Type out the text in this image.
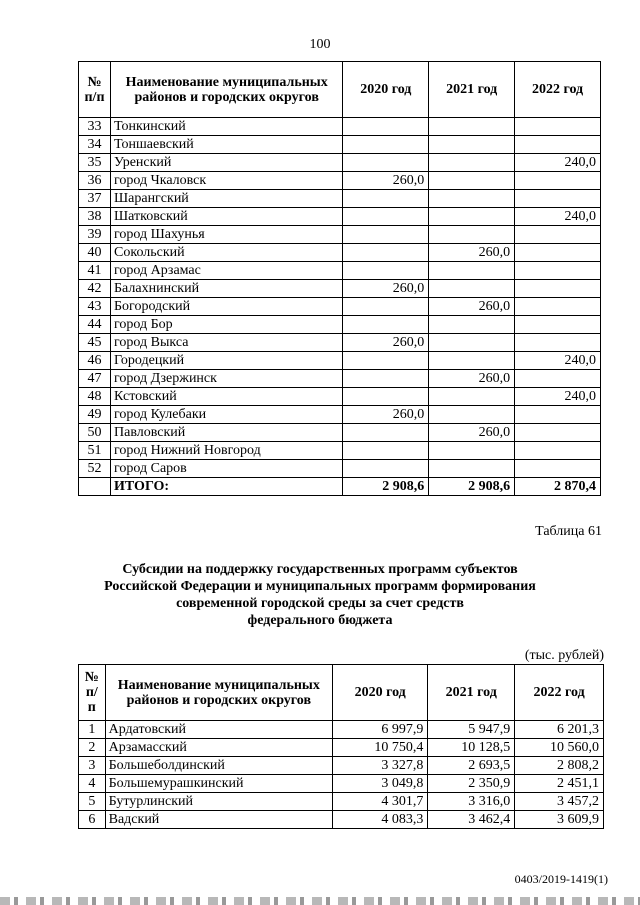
100
№ п/п	Наименование муниципальных районов и городских округов	2020 год	2021 год	2022 год
33	Тонкинский			
34	Тоншаевский			
35	Уренский			240,0
36	город Чкаловск	260,0		
37	Шарангский			
38	Шатковский			240,0
39	город Шахунья			
40	Сокольский		260,0	
41	город Арзамас			
42	Балахнинский	260,0		
43	Богородский		260,0	
44	город Бор			
45	город Выкса	260,0		
46	Городецкий			240,0
47	город Дзержинск		260,0	
48	Кстовский			240,0
49	город Кулебаки	260,0		
50	Павловский		260,0	
51	город Нижний Новгород			
52	город Саров			
	ИТОГО:	2 908,6	2 908,6	2 870,4
Таблица 61
Субсидии на поддержку государственных программ субъектов
Российской Федерации и муниципальных программ формирования
современной городской среды за счет средств
федерального бюджета
(тыс. рублей)
№ п/п	Наименование муниципальных районов и городских округов	2020 год	2021 год	2022 год
1	Ардатовский	6 997,9	5 947,9	6 201,3
2	Арзамасский	10 750,4	10 128,5	10 560,0
3	Большеболдинский	3 327,8	2 693,5	2 808,2
4	Большемурашкинский	3 049,8	2 350,9	2 451,1
5	Бутурлинский	4 301,7	3 316,0	3 457,2
6	Вадский	4 083,3	3 462,4	3 609,9
0403/2019-1419(1)
